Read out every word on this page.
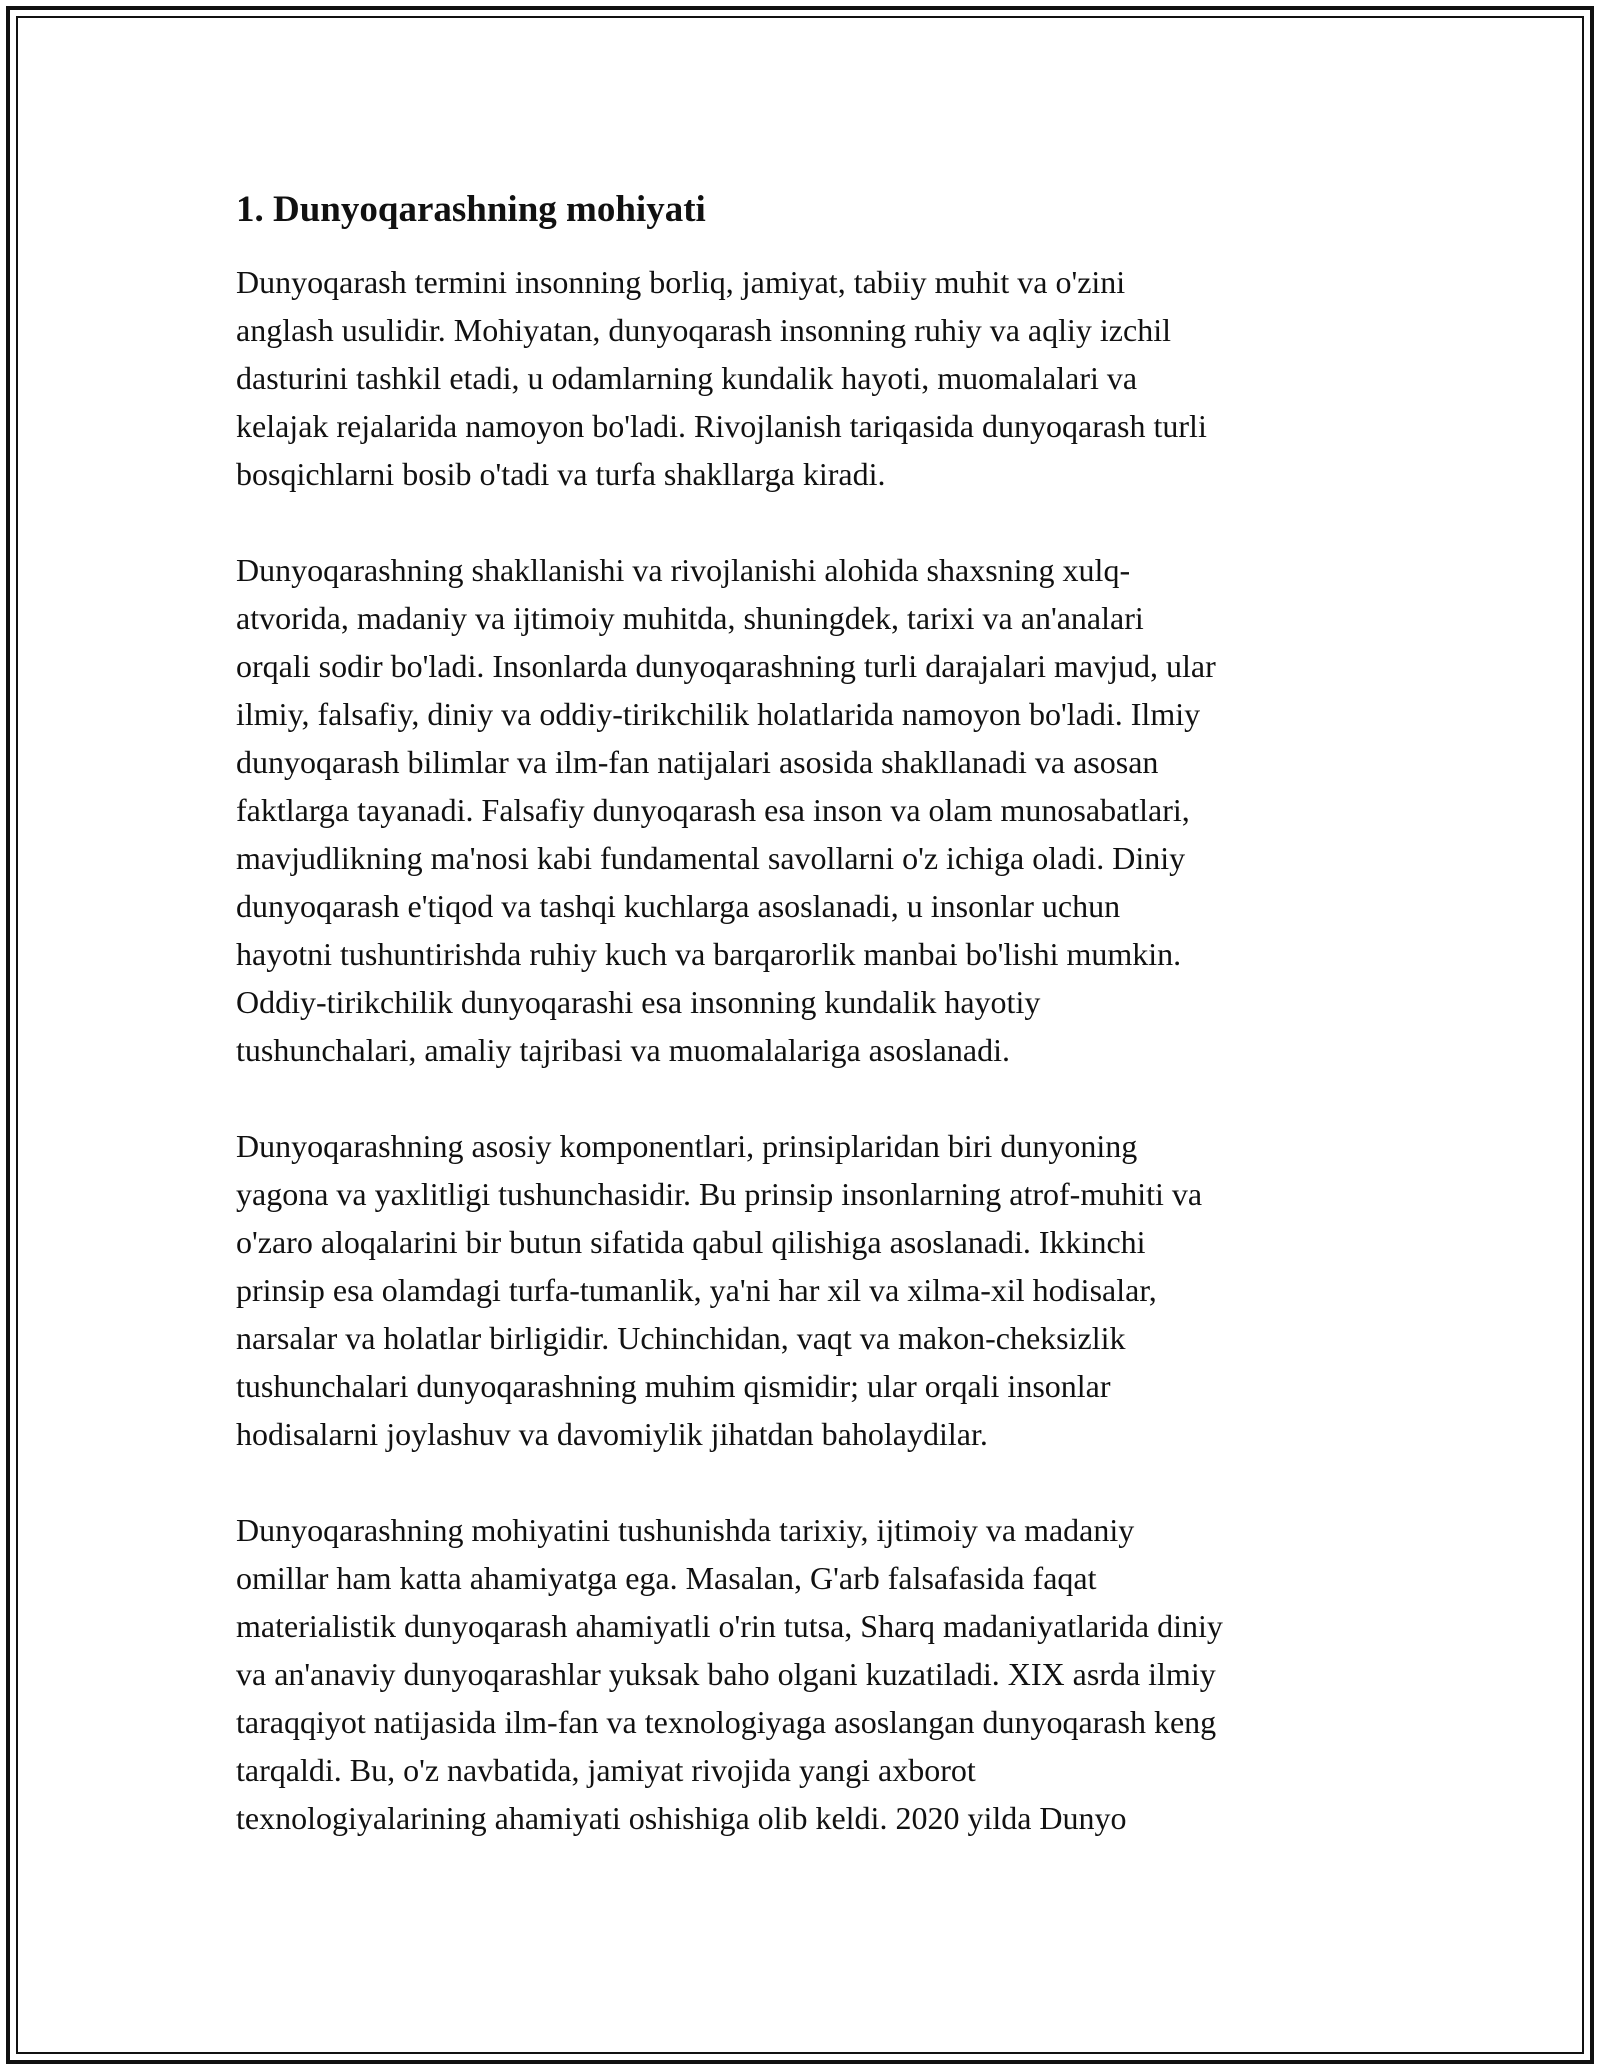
1. Dunyoqarashning mohiyati

Dunyoqarash termini insonning borliq, jamiyat, tabiiy muhit va o'zini
anglash usulidir. Mohiyatan, dunyoqarash insonning ruhiy va aqliy izchil
dasturini tashkil etadi, u odamlarning kundalik hayoti, muomalalari va
kelajak rejalarida namoyon bo'ladi. Rivojlanish tariqasida dunyoqarash turli
bosqichlarni bosib o'tadi va turfa shakllarga kiradi.

Dunyoqarashning shakllanishi va rivojlanishi alohida shaxsning xulq-
atvorida, madaniy va ijtimoiy muhitda, shuningdek, tarixi va an'analari
orqali sodir bo'ladi. Insonlarda dunyoqarashning turli darajalari mavjud, ular
ilmiy, falsafiy, diniy va oddiy-tirikchilik holatlarida namoyon bo'ladi. Ilmiy
dunyoqarash bilimlar va ilm-fan natijalari asosida shakllanadi va asosan
faktlarga tayanadi. Falsafiy dunyoqarash esa inson va olam munosabatlari,
mavjudlikning ma'nosi kabi fundamental savollarni o'z ichiga oladi. Diniy
dunyoqarash e'tiqod va tashqi kuchlarga asoslanadi, u insonlar uchun
hayotni tushuntirishda ruhiy kuch va barqarorlik manbai bo'lishi mumkin.
Oddiy-tirikchilik dunyoqarashi esa insonning kundalik hayotiy
tushunchalari, amaliy tajribasi va muomalalariga asoslanadi.

Dunyoqarashning asosiy komponentlari, prinsiplaridan biri dunyoning
yagona va yaxlitligi tushunchasidir. Bu prinsip insonlarning atrof-muhiti va
o'zaro aloqalarini bir butun sifatida qabul qilishiga asoslanadi. Ikkinchi
prinsip esa olamdagi turfa-tumanlik, ya'ni har xil va xilma-xil hodisalar,
narsalar va holatlar birligidir. Uchinchidan, vaqt va makon-cheksizlik
tushunchalari dunyoqarashning muhim qismidir; ular orqali insonlar
hodisalarni joylashuv va davomiylik jihatdan baholaydilar.

Dunyoqarashning mohiyatini tushunishda tarixiy, ijtimoiy va madaniy
omillar ham katta ahamiyatga ega. Masalan, G'arb falsafasida faqat
materialistik dunyoqarash ahamiyatli o'rin tutsa, Sharq madaniyatlarida diniy
va an'anaviy dunyoqarashlar yuksak baho olgani kuzatiladi. XIX asrda ilmiy
taraqqiyot natijasida ilm-fan va texnologiyaga asoslangan dunyoqarash keng
tarqaldi. Bu, o'z navbatida, jamiyat rivojida yangi axborot
texnologiyalarining ahamiyati oshishiga olib keldi. 2020 yilda Dunyo
